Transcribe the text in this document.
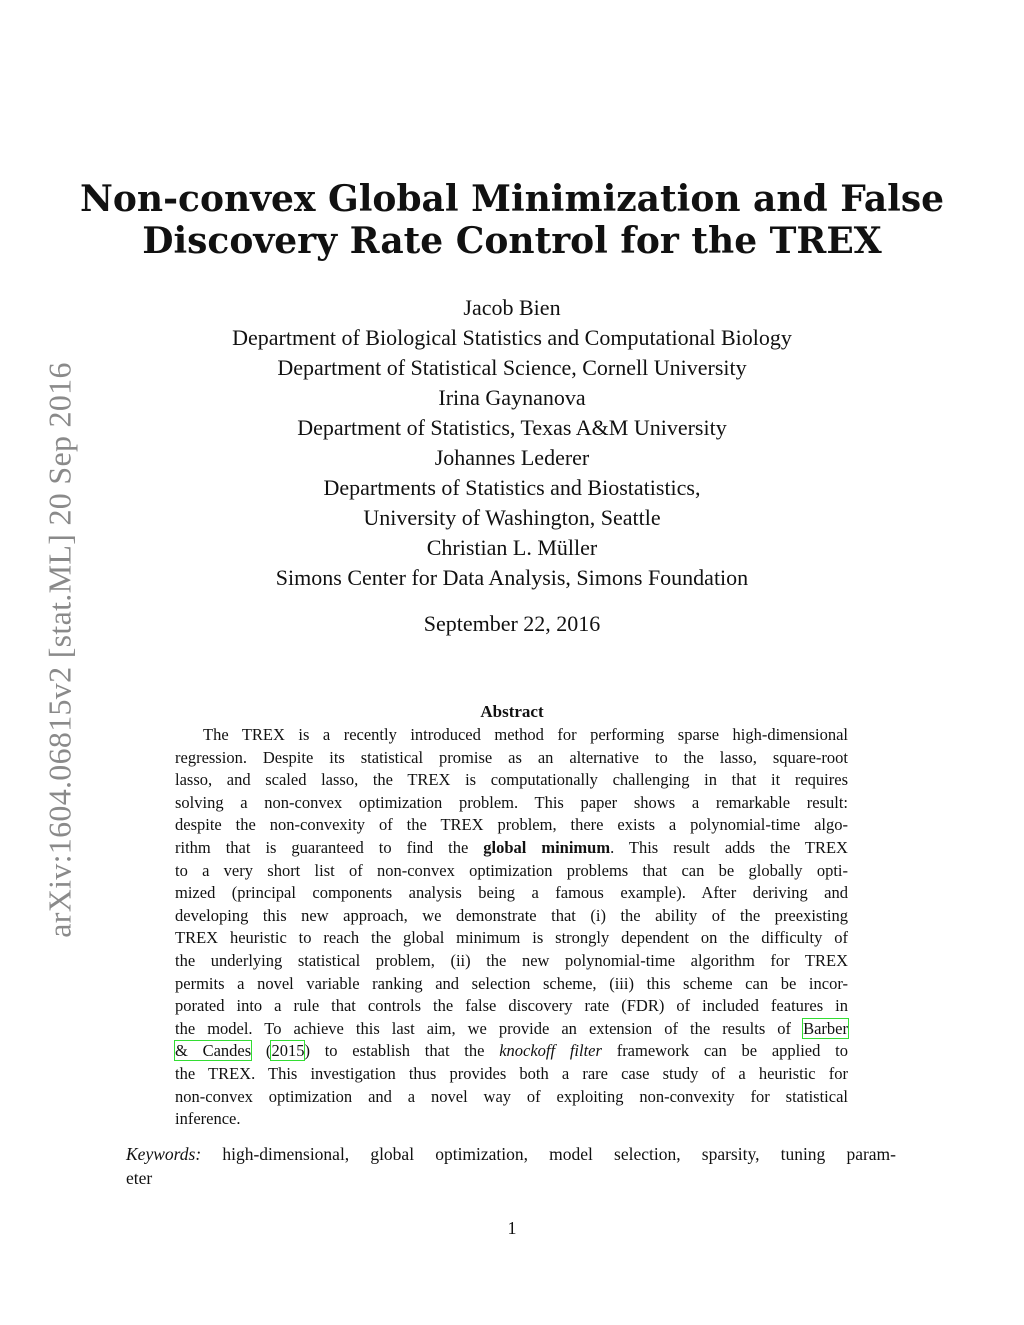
arXiv:1604.06815v2 [stat.ML] 20 Sep 2016
Non-convex Global Minimization and False
Discovery Rate Control for the TREX
Jacob Bien
Department of Biological Statistics and Computational Biology
Department of Statistical Science, Cornell University
Irina Gaynanova
Department of Statistics, Texas A&M University
Johannes Lederer
Departments of Statistics and Biostatistics,
University of Washington, Seattle
Christian L. Müller
Simons Center for Data Analysis, Simons Foundation
September 22, 2016
Abstract
The TREX is a recently introduced method for performing sparse high-dimensional
regression. Despite its statistical promise as an alternative to the lasso, square-root
lasso, and scaled lasso, the TREX is computationally challenging in that it requires
solving a non-convex optimization problem. This paper shows a remarkable result:
despite the non-convexity of the TREX problem, there exists a polynomial-time algo-
rithm that is guaranteed to find the global minimum. This result adds the TREX
to a very short list of non-convex optimization problems that can be globally opti-
mized (principal components analysis being a famous example). After deriving and
developing this new approach, we demonstrate that (i) the ability of the preexisting
TREX heuristic to reach the global minimum is strongly dependent on the difficulty of
the underlying statistical problem, (ii) the new polynomial-time algorithm for TREX
permits a novel variable ranking and selection scheme, (iii) this scheme can be incor-
porated into a rule that controls the false discovery rate (FDR) of included features in
the model. To achieve this last aim, we provide an extension of the results of Barber
& Candes (2015) to establish that the knockoff filter framework can be applied to
the TREX. This investigation thus provides both a rare case study of a heuristic for
non-convex optimization and a novel way of exploiting non-convexity for statistical
inference.
Keywords: high-dimensional, global optimization, model selection, sparsity, tuning param-
eter
1
